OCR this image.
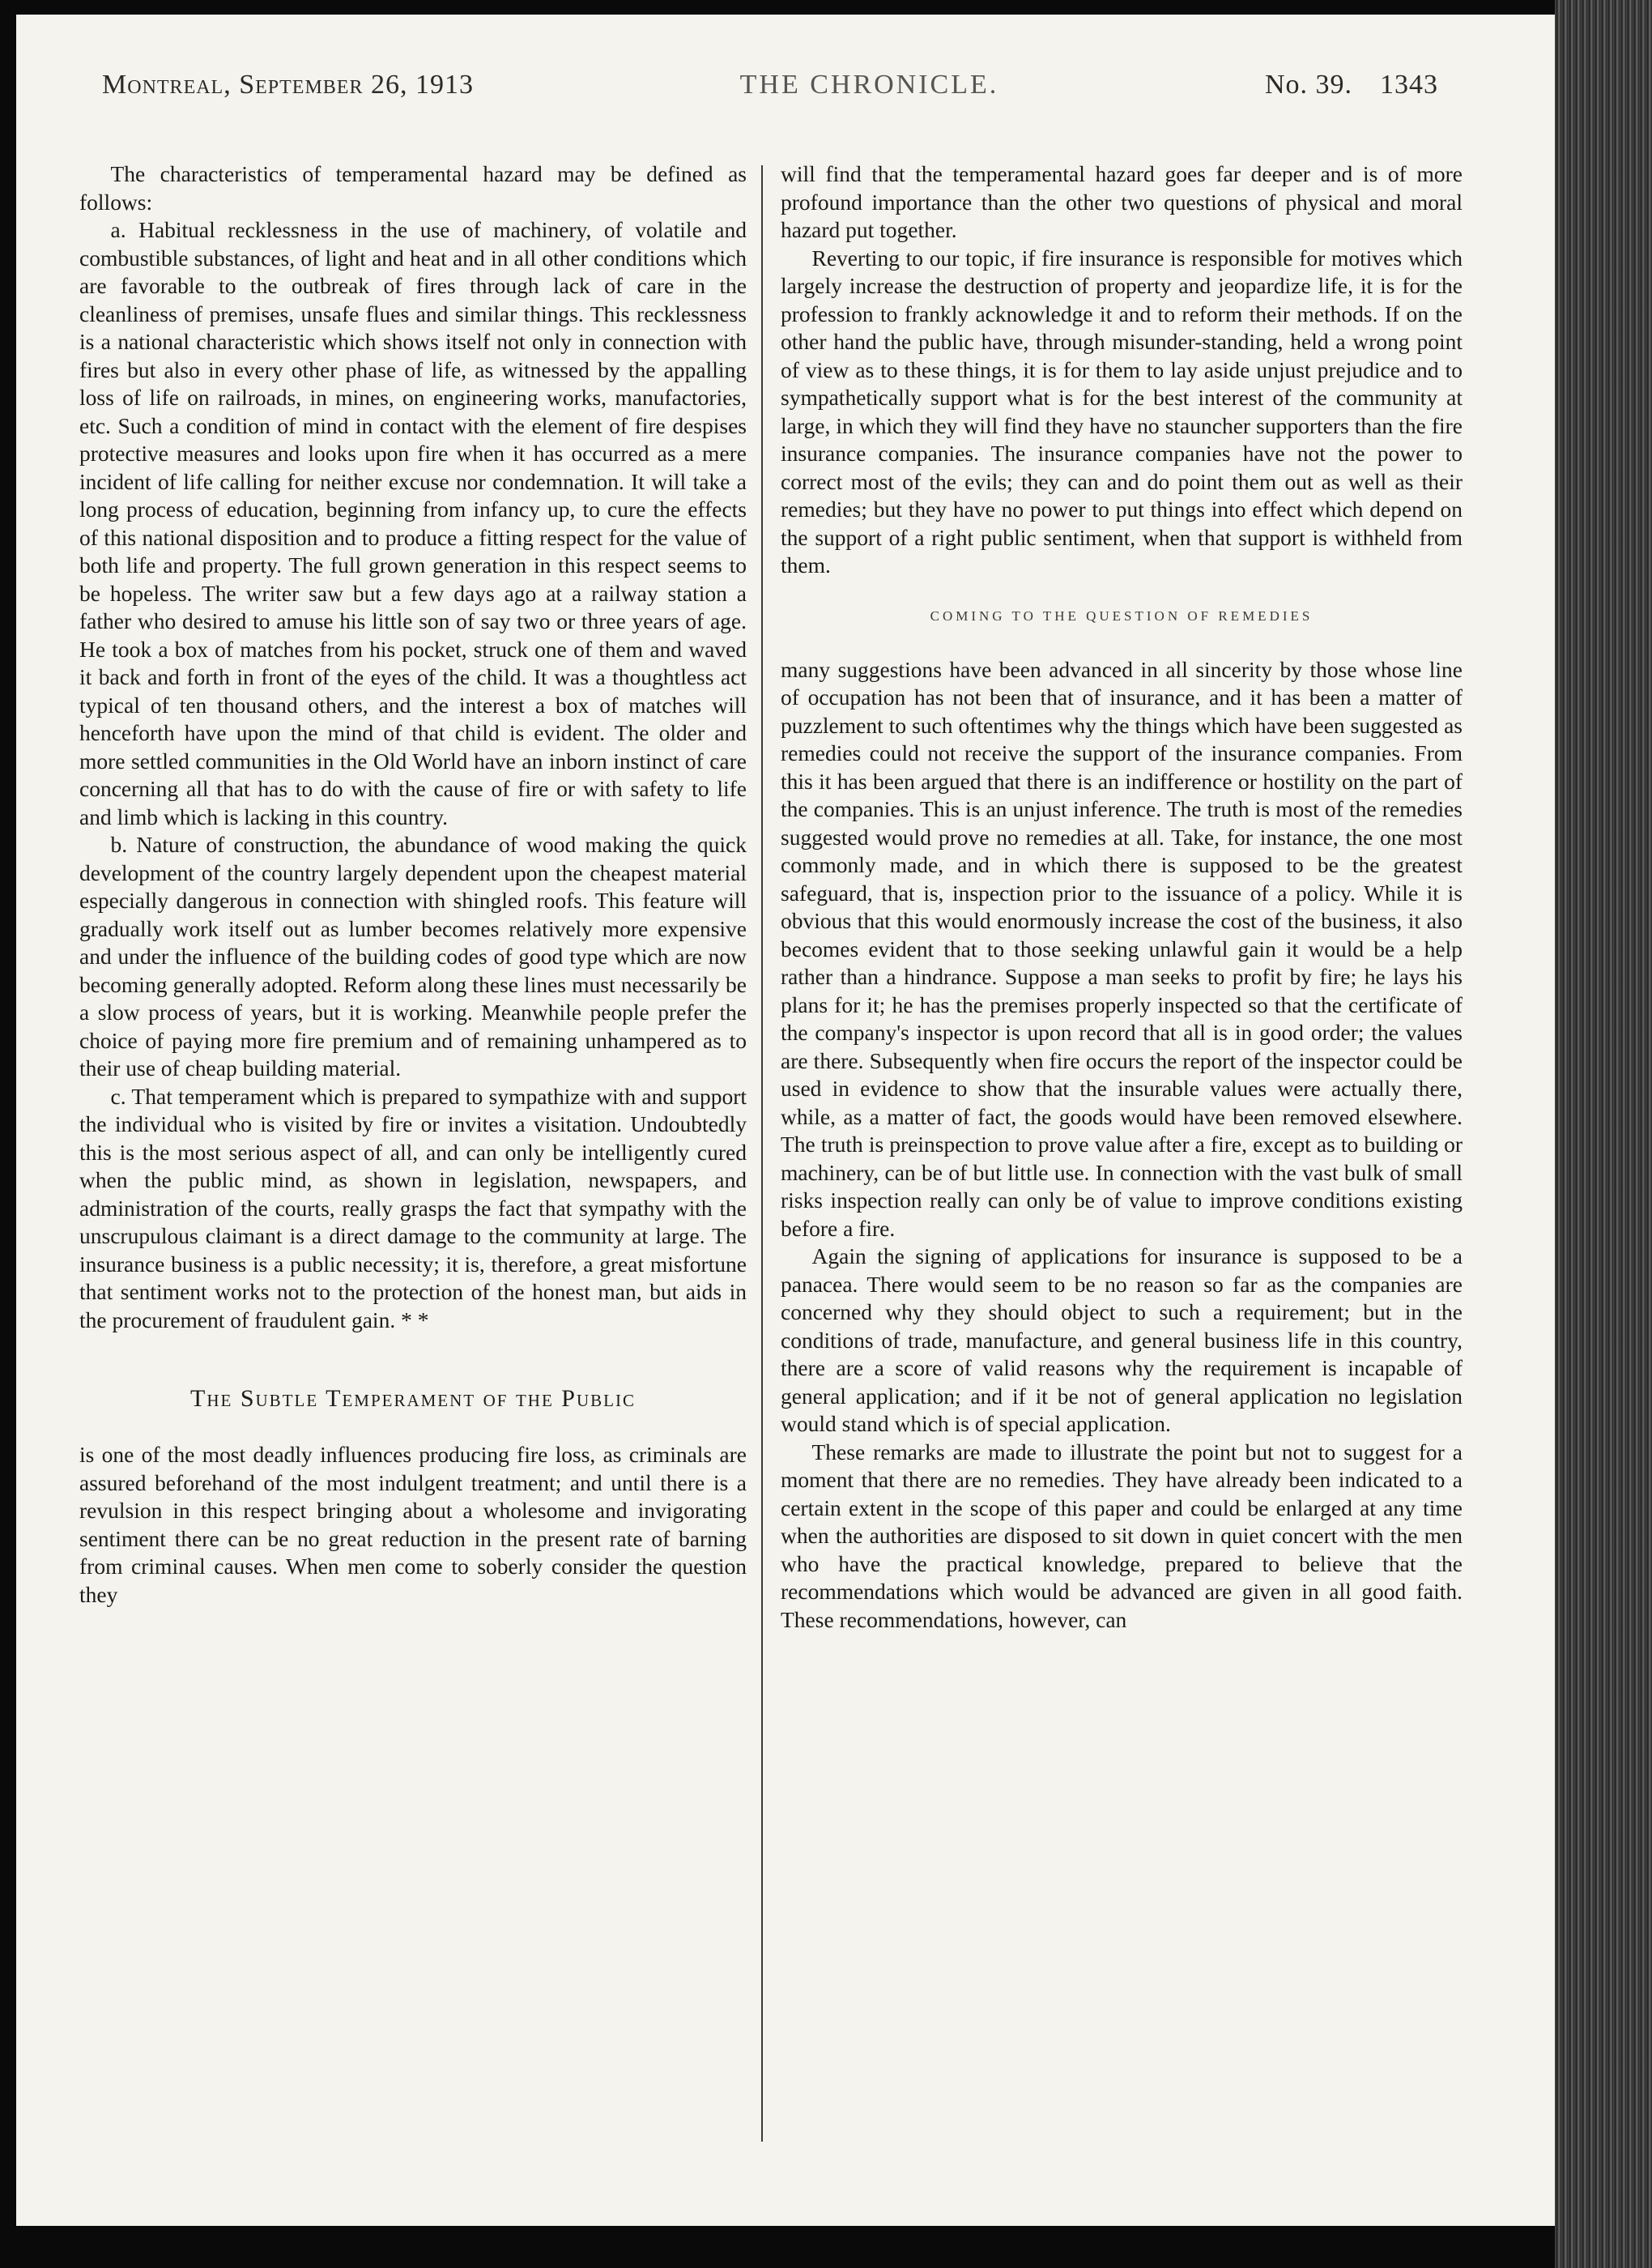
Montreal, September 26, 1913	THE CHRONICLE.	No. 39. 1343

The characteristics of temperamental hazard may be defined as follows:

a. Habitual recklessness in the use of machinery, of volatile and combustible substances, of light and heat and in all other conditions which are favorable to the outbreak of fires through lack of care in the cleanliness of premises, unsafe flues and similar things. This recklessness is a national characteristic which shows itself not only in connection with fires but also in every other phase of life, as witnessed by the appalling loss of life on railroads, in mines, on engineering works, manufactories, etc. Such a condition of mind in contact with the element of fire despises protective measures and looks upon fire when it has occurred as a mere incident of life calling for neither excuse nor condemnation. It will take a long process of education, beginning from infancy up, to cure the effects of this national disposition and to produce a fitting respect for the value of both life and property. The full grown generation in this respect seems to be hopeless. The writer saw but a few days ago at a railway station a father who desired to amuse his little son of say two or three years of age. He took a box of matches from his pocket, struck one of them and waved it back and forth in front of the eyes of the child. It was a thoughtless act typical of ten thousand others, and the interest a box of matches will henceforth have upon the mind of that child is evident. The older and more settled communities in the Old World have an inborn instinct of care concerning all that has to do with the cause of fire or with safety to life and limb which is lacking in this country.

b. Nature of construction, the abundance of wood making the quick development of the country largely dependent upon the cheapest material especially dangerous in connection with shingled roofs. This feature will gradually work itself out as lumber becomes relatively more expensive and under the influence of the building codes of good type which are now becoming generally adopted. Reform along these lines must necessarily be a slow process of years, but it is working. Meanwhile people prefer the choice of paying more fire premium and of remaining unhampered as to their use of cheap building material.

c. That temperament which is prepared to sympathize with and support the individual who is visited by fire or invites a visitation. Undoubtedly this is the most serious aspect of all, and can only be intelligently cured when the public mind, as shown in legislation, newspapers, and administration of the courts, really grasps the fact that sympathy with the unscrupulous claimant is a direct damage to the community at large. The insurance business is a public necessity; it is, therefore, a great misfortune that sentiment works not to the protection of the honest man, but aids in the procurement of fraudulent gain. * *

The Subtle Temperament of the Public

is one of the most deadly influences producing fire loss, as criminals are assured beforehand of the most indulgent treatment; and until there is a revulsion in this respect bringing about a wholesome and invigorating sentiment there can be no great reduction in the present rate of barning from criminal causes. When men come to soberly consider the question they

will find that the temperamental hazard goes far deeper and is of more profound importance than the other two questions of physical and moral hazard put together.

Reverting to our topic, if fire insurance is responsible for motives which largely increase the destruction of property and jeopardize life, it is for the profession to frankly acknowledge it and to reform their methods. If on the other hand the public have, through misunder-standing, held a wrong point of view as to these things, it is for them to lay aside unjust prejudice and to sympathetically support what is for the best interest of the community at large, in which they will find they have no stauncher supporters than the fire insurance companies. The insurance companies have not the power to correct most of the evils; they can and do point them out as well as their remedies; but they have no power to put things into effect which depend on the support of a right public sentiment, when that support is withheld from them.

COMING TO THE QUESTION OF REMEDIES

many suggestions have been advanced in all sincerity by those whose line of occupation has not been that of insurance, and it has been a matter of puzzlement to such oftentimes why the things which have been suggested as remedies could not receive the support of the insurance companies. From this it has been argued that there is an indifference or hostility on the part of the companies. This is an unjust inference. The truth is most of the remedies suggested would prove no remedies at all. Take, for instance, the one most commonly made, and in which there is supposed to be the greatest safeguard, that is, inspection prior to the issuance of a policy. While it is obvious that this would enormously increase the cost of the business, it also becomes evident that to those seeking unlawful gain it would be a help rather than a hindrance. Suppose a man seeks to profit by fire; he lays his plans for it; he has the premises properly inspected so that the certificate of the company's inspector is upon record that all is in good order; the values are there. Subsequently when fire occurs the report of the inspector could be used in evidence to show that the insurable values were actually there, while, as a matter of fact, the goods would have been removed elsewhere. The truth is preinspection to prove value after a fire, except as to building or machinery, can be of but little use. In connection with the vast bulk of small risks inspection really can only be of value to improve conditions existing before a fire.

Again the signing of applications for insurance is supposed to be a panacea. There would seem to be no reason so far as the companies are concerned why they should object to such a requirement; but in the conditions of trade, manufacture, and general business life in this country, there are a score of valid reasons why the requirement is incapable of general application; and if it be not of general application no legislation would stand which is of special application.

These remarks are made to illustrate the point but not to suggest for a moment that there are no remedies. They have already been indicated to a certain extent in the scope of this paper and could be enlarged at any time when the authorities are disposed to sit down in quiet concert with the men who have the practical knowledge, prepared to believe that the recommendations which would be advanced are given in all good faith. These recommendations, however, can
